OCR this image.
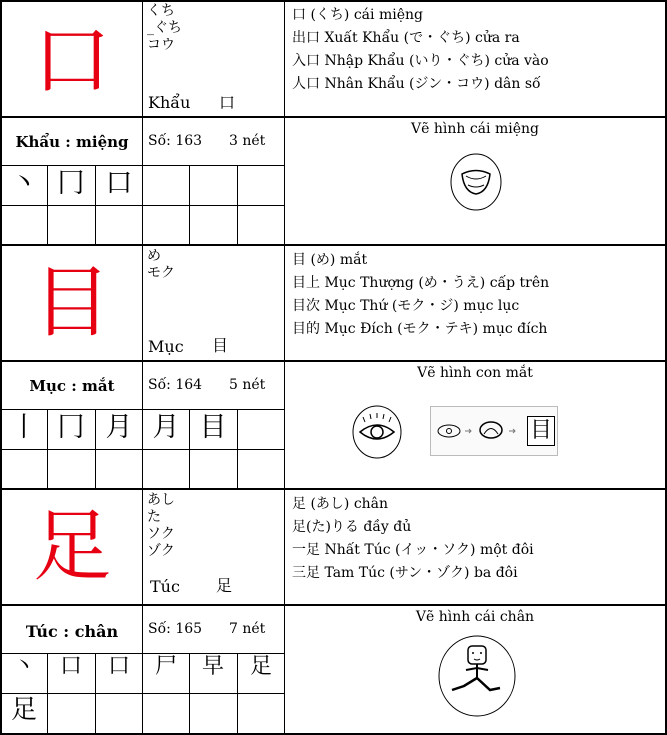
口
くち
_ぐち
コウ
Khẩu 口
口 (くち) cái miệng
出口 Xuất Khẩu (で・ぐち) cửa ra
入口 Nhập Khẩu (いり・ぐち) cửa vào
人口 Nhân Khẩu (ジン・コウ) dân số
Khẩu : miệng	Số: 163 3 nét
Vẽ hình cái miệng
丶 冂 口
目
め
モク
Mục 目
目 (め) mắt
目上 Mục Thượng (め・うえ) cấp trên
目次 Mục Thứ (モク・ジ) mục lục
目的 Mục Đích (モク・テキ) mục đích
Mục : mắt	Số: 164 5 nét
Vẽ hình con mắt
目
丨 冂 月 月 目
足
あし
た
ソク
ゾク
Túc 足
足 (あし) chân
足(た)りる đầy đủ
一足 Nhất Túc (イッ・ソク) một đôi
三足 Tam Túc (サン・ゾク) ba đôi
Túc : chân	Số: 165 7 nét
Vẽ hình cái chân
丶	口	口	尸	早	足
足
